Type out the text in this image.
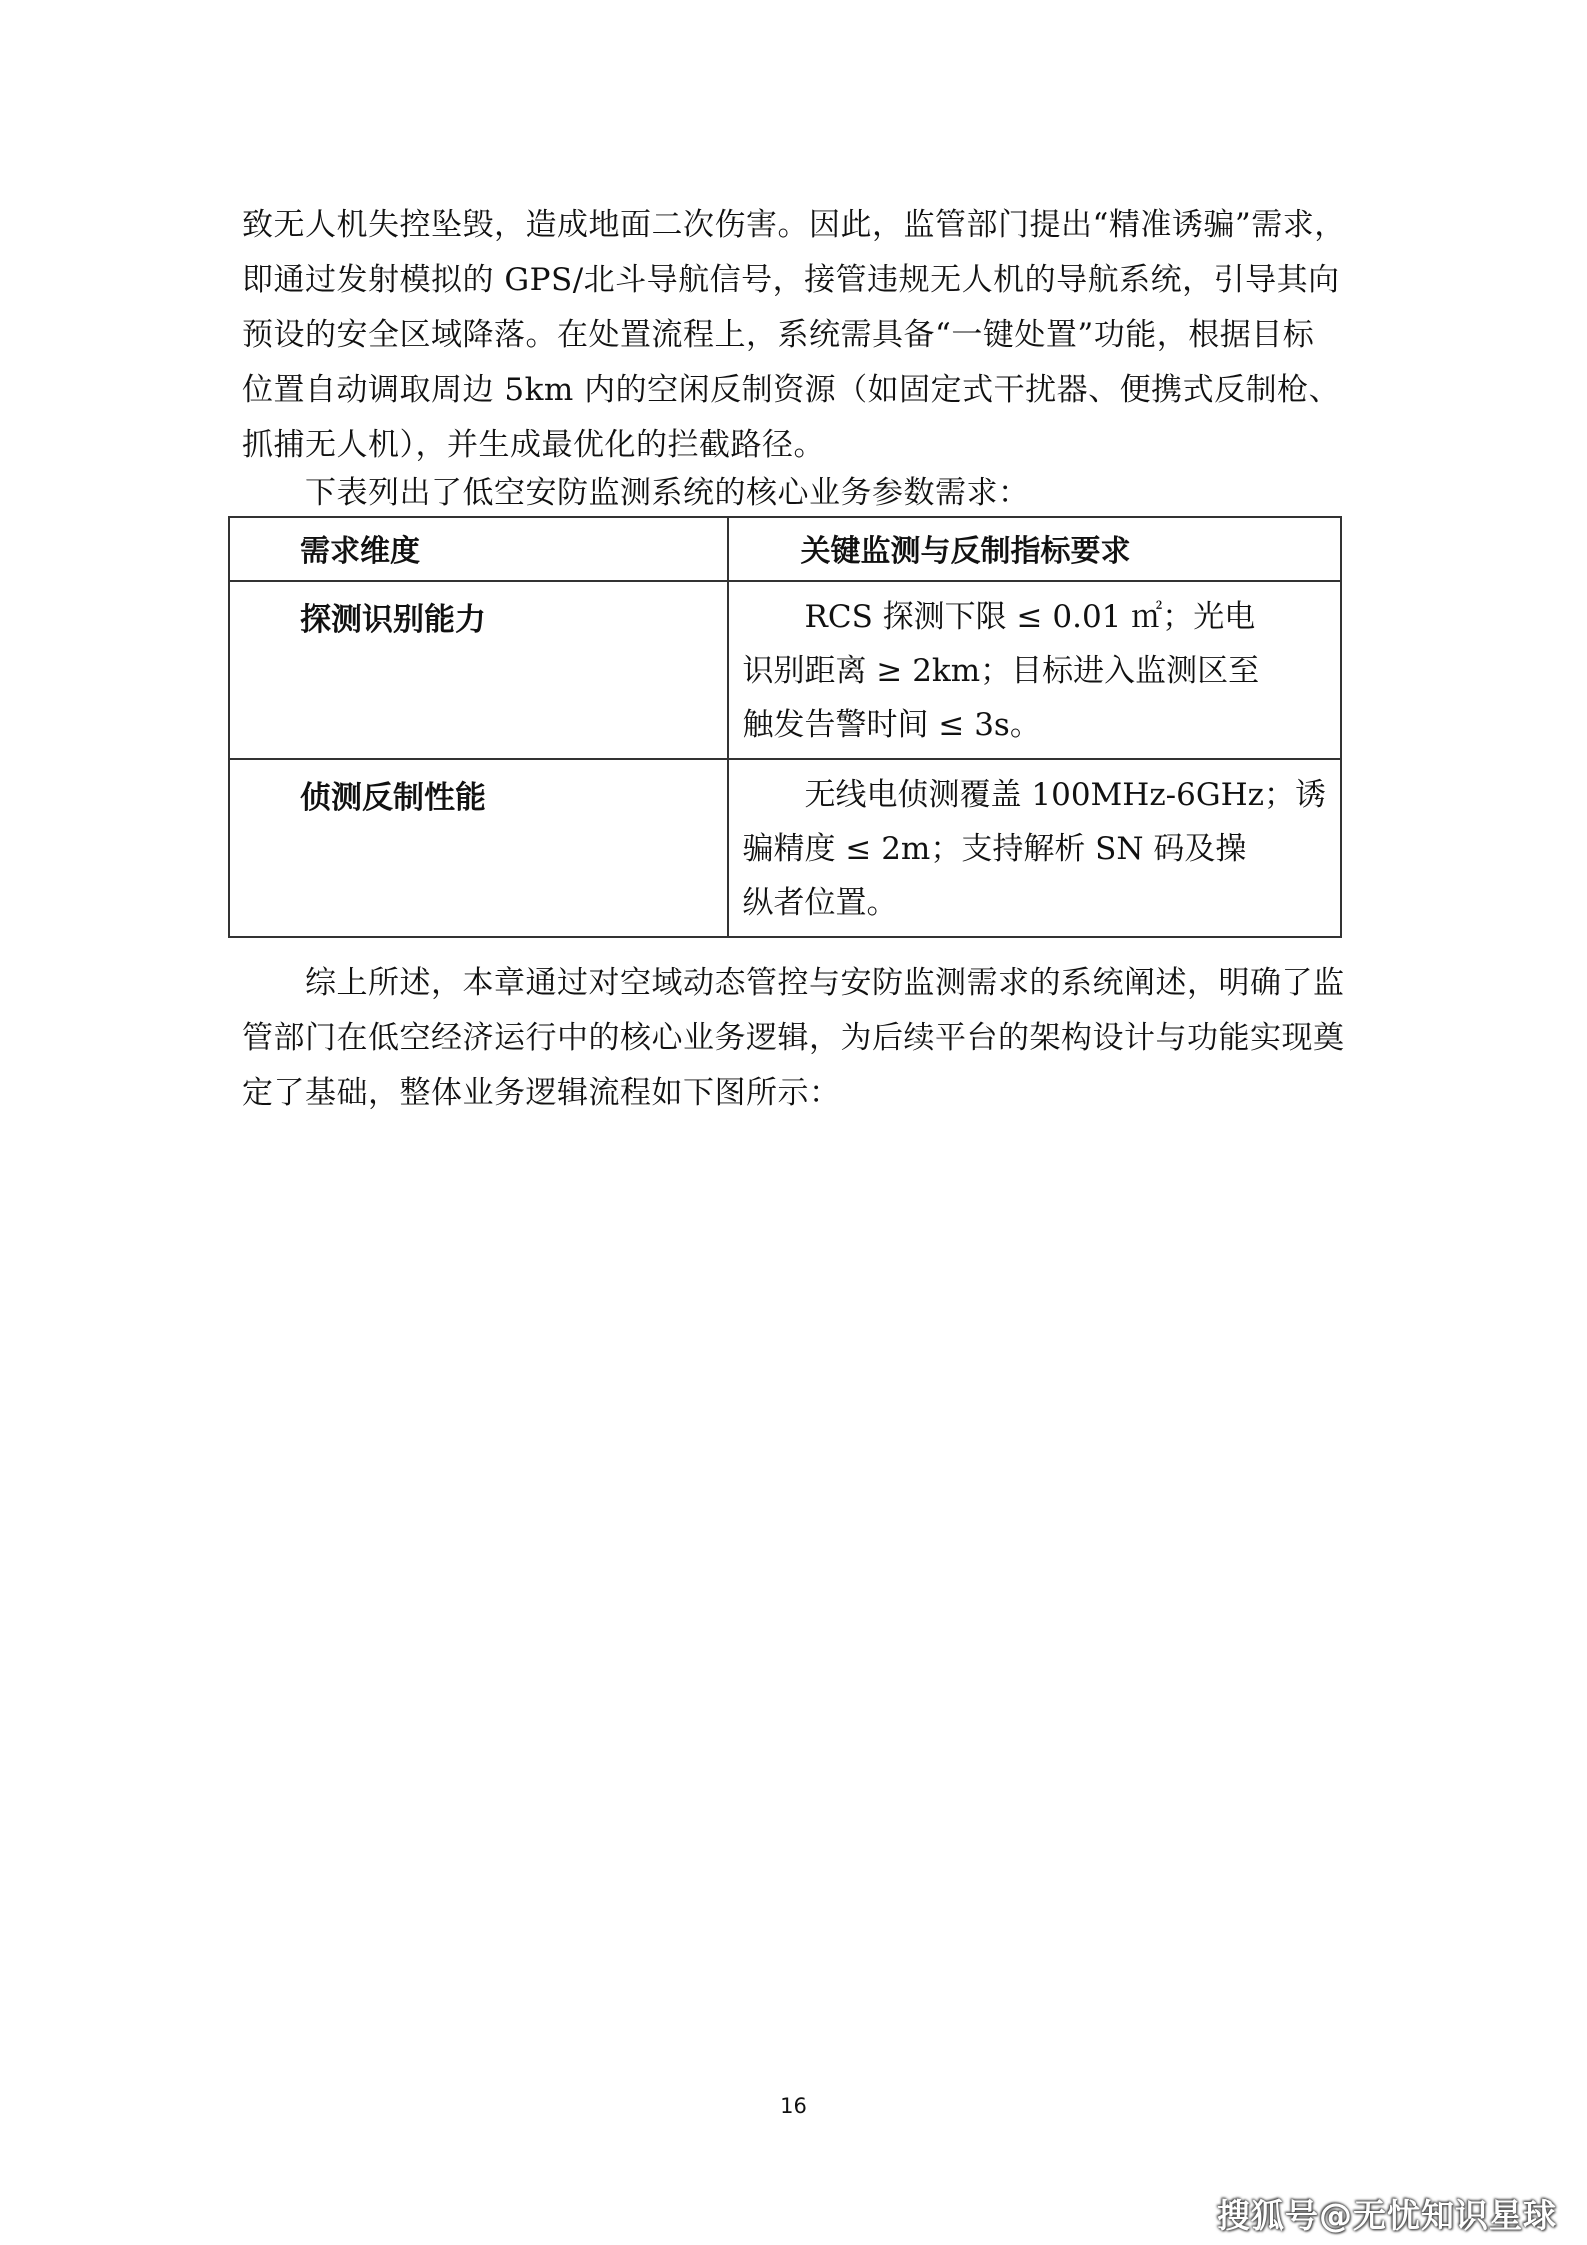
致无人机失控坠毁，造成地面二次伤害。因此，监管部门提出“精准诱骗”需求，
即通过发射模拟的 GPS/北斗导航信号，接管违规无人机的导航系统，引导其向
预设的安全区域降落。在处置流程上，系统需具备“一键处置”功能，根据目标
位置自动调取周边 5km 内的空闲反制资源（如固定式干扰器、便携式反制枪、
抓捕无人机），并生成最优化的拦截路径。
　　下表列出了低空安防监测系统的核心业务参数需求：
需求维度	关键监测与反制指标要求
探测识别能力	　　RCS 探测下限 ≤ 0.01 ㎡；光电
识别距离 ≥ 2km；目标进入监测区至
触发告警时间 ≤ 3s。

侦测反制性能	　　无线电侦测覆盖 100MHz-6GHz；诱
骗精度 ≤ 2m；支持解析 SN 码及操
纵者位置。
　　综上所述，本章通过对空域动态管控与安防监测需求的系统阐述，明确了监
管部门在低空经济运行中的核心业务逻辑，为后续平台的架构设计与功能实现奠
定了基础，整体业务逻辑流程如下图所示：
16
搜狐号@无忧知识星球
